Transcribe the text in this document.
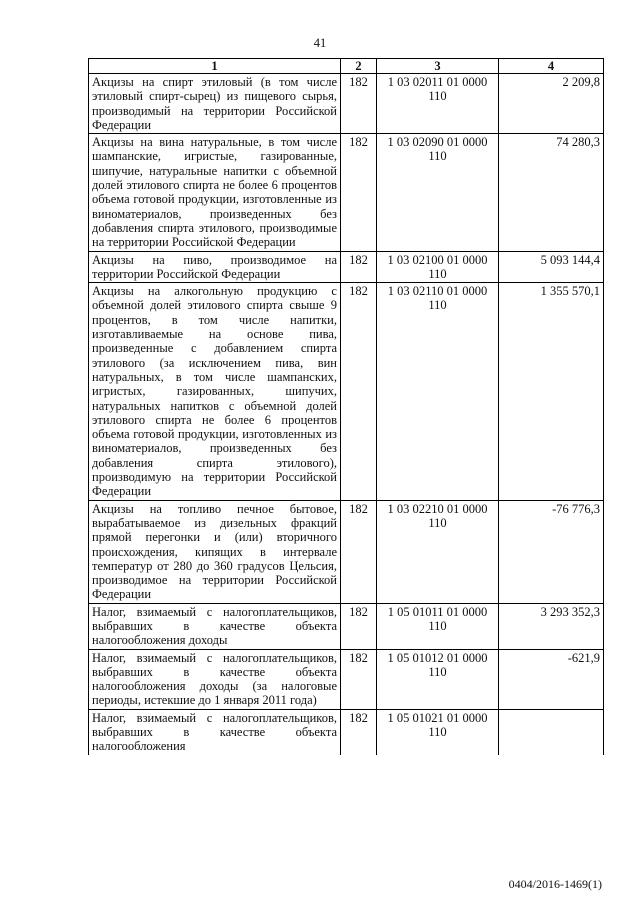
41
1	2	3	4
Акцизы на спирт этиловый (в том числе этиловый спирт-сырец) из пищевого сырья, производимый на территории Российской Федерации	182	1 03 02011 01 0000 110	2 209,8
Акцизы на вина натуральные, в том числе шампанские, игристые, газированные, шипучие, натуральные напитки с объемной долей этилового спирта не более 6 процентов объема готовой продукции, изготовленные из виноматериалов, произведенных без добавления спирта этилового, производимые на территории Российской Федерации	182	1 03 02090 01 0000 110	74 280,3
Акцизы на пиво, производимое на территории Российской Федерации	182	1 03 02100 01 0000 110	5 093 144,4
Акцизы на алкогольную продукцию с объемной долей этилового спирта свыше 9 процентов, в том числе напитки, изготавливаемые на основе пива, произведенные с добавлением спирта этилового (за исключением пива, вин натуральных, в том числе шампанских, игристых, газированных, шипучих, натуральных напитков с объемной долей этилового спирта не более 6 процентов объема готовой продукции, изготовленных из виноматериалов, произведенных без добавления спирта этилового), производимую на территории Российской Федерации	182	1 03 02110 01 0000 110	1 355 570,1
Акцизы на топливо печное бытовое, вырабатываемое из дизельных фракций прямой перегонки и (или) вторичного происхождения, кипящих в интервале температур от 280 до 360 градусов Цельсия, производимое на территории Российской Федерации	182	1 03 02210 01 0000 110	-76 776,3
Налог, взимаемый с налогоплательщиков, выбравших в качестве объекта налогообложения доходы	182	1 05 01011 01 0000 110	3 293 352,3
Налог, взимаемый с налогоплательщиков, выбравших в качестве объекта налогообложения доходы (за налоговые периоды, истекшие до 1 января 2011 года)	182	1 05 01012 01 0000 110	-621,9
Налог, взимаемый с налогоплательщиков, выбравших в качестве объекта налогообложения	182	1 05 01021 01 0000 110	
0404/2016-1469(1)
